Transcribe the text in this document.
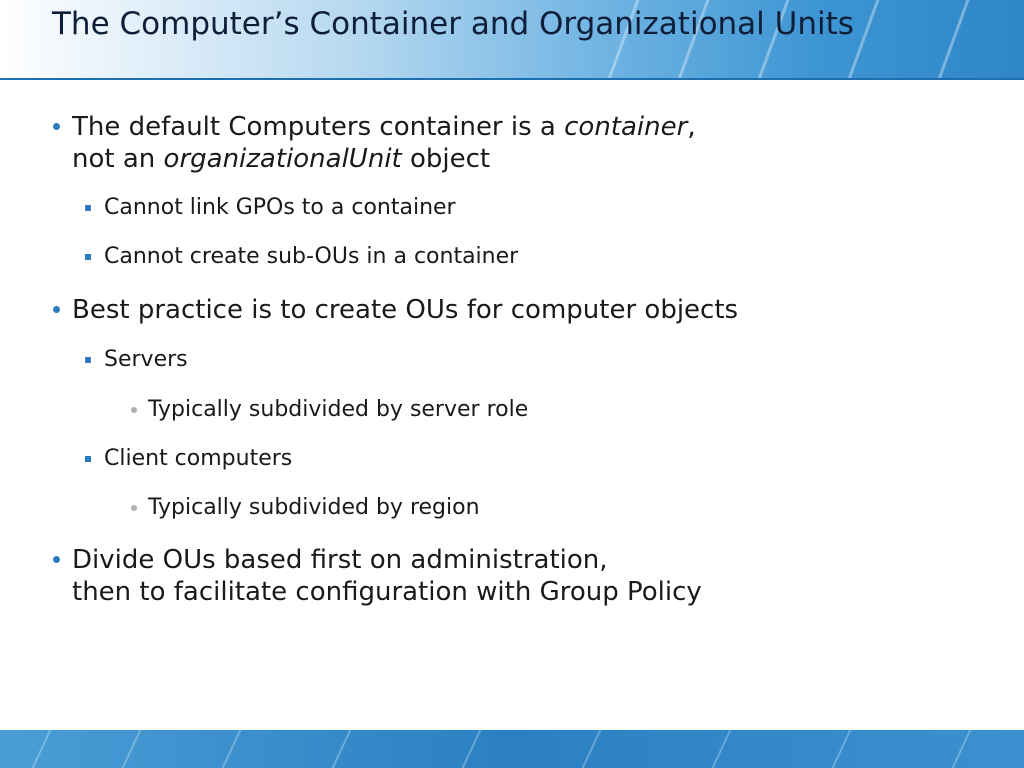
The Computer’s Container and Organizational Units
The default Computers container is a container,
not an organizationalUnit object
Cannot link GPOs to a container
Cannot create sub-OUs in a container
Best practice is to create OUs for computer objects
Servers
Typically subdivided by server role
Client computers
Typically subdivided by region
Divide OUs based first on administration,
then to facilitate configuration with Group Policy
